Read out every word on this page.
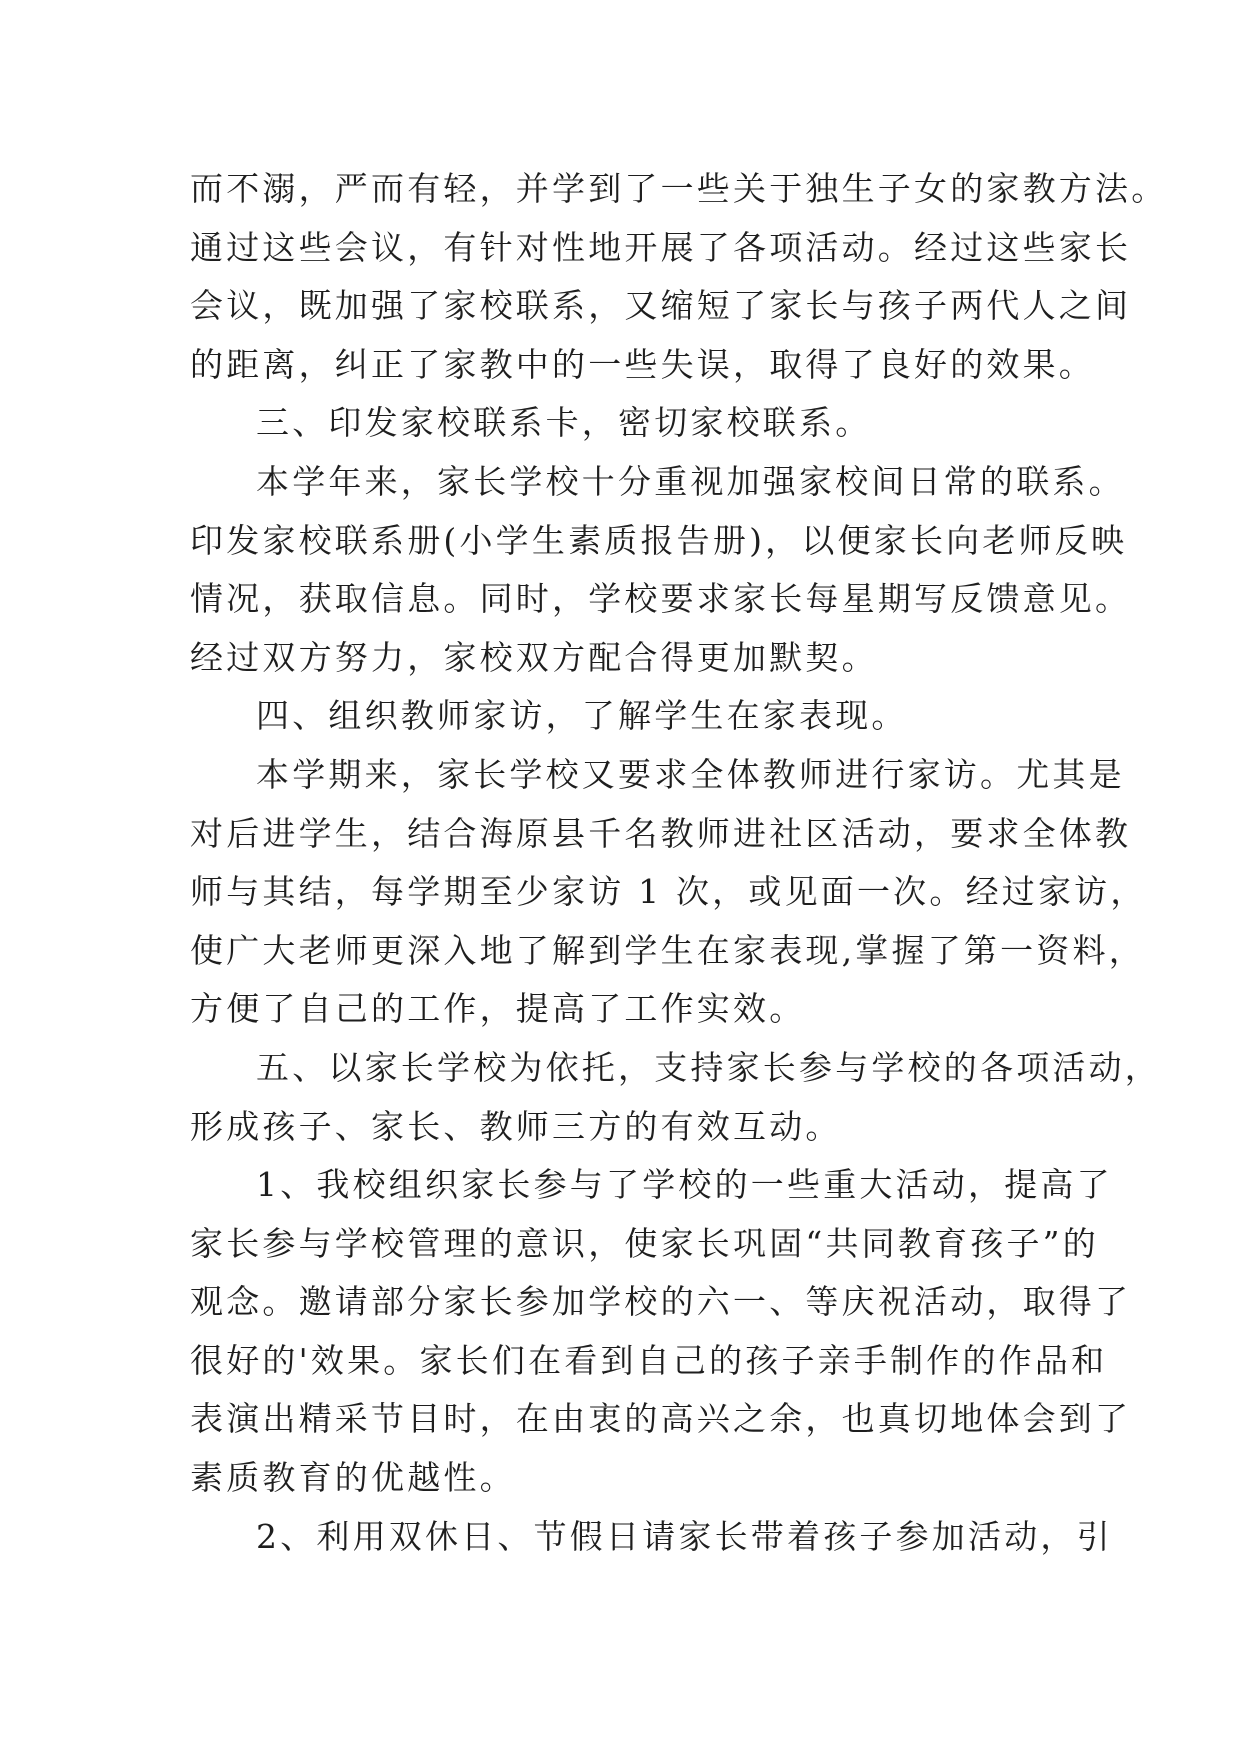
而不溺，严而有轻，并学到了一些关于独生子女的家教方法。
通过这些会议，有针对性地开展了各项活动。经过这些家长
会议，既加强了家校联系，又缩短了家长与孩子两代人之间
的距离，纠正了家教中的一些失误，取得了良好的效果。
三、印发家校联系卡，密切家校联系。
本学年来，家长学校十分重视加强家校间日常的联系。
印发家校联系册(小学生素质报告册)，以便家长向老师反映
情况，获取信息。同时，学校要求家长每星期写反馈意见。
经过双方努力，家校双方配合得更加默契。
四、组织教师家访，了解学生在家表现。
本学期来，家长学校又要求全体教师进行家访。尤其是
对后进学生，结合海原县千名教师进社区活动，要求全体教
师与其结，每学期至少家访 1 次，或见面一次。经过家访，
使广大老师更深入地了解到学生在家表现,掌握了第一资料，
方便了自己的工作，提高了工作实效。
五、以家长学校为依托，支持家长参与学校的各项活动，
形成孩子、家长、教师三方的有效互动。
1、我校组织家长参与了学校的一些重大活动，提高了
家长参与学校管理的意识，使家长巩固“共同教育孩子”的
观念。邀请部分家长参加学校的六一、等庆祝活动，取得了
很好的'效果。家长们在看到自己的孩子亲手制作的作品和
表演出精采节目时，在由衷的高兴之余，也真切地体会到了
素质教育的优越性。
2、利用双休日、节假日请家长带着孩子参加活动，引
